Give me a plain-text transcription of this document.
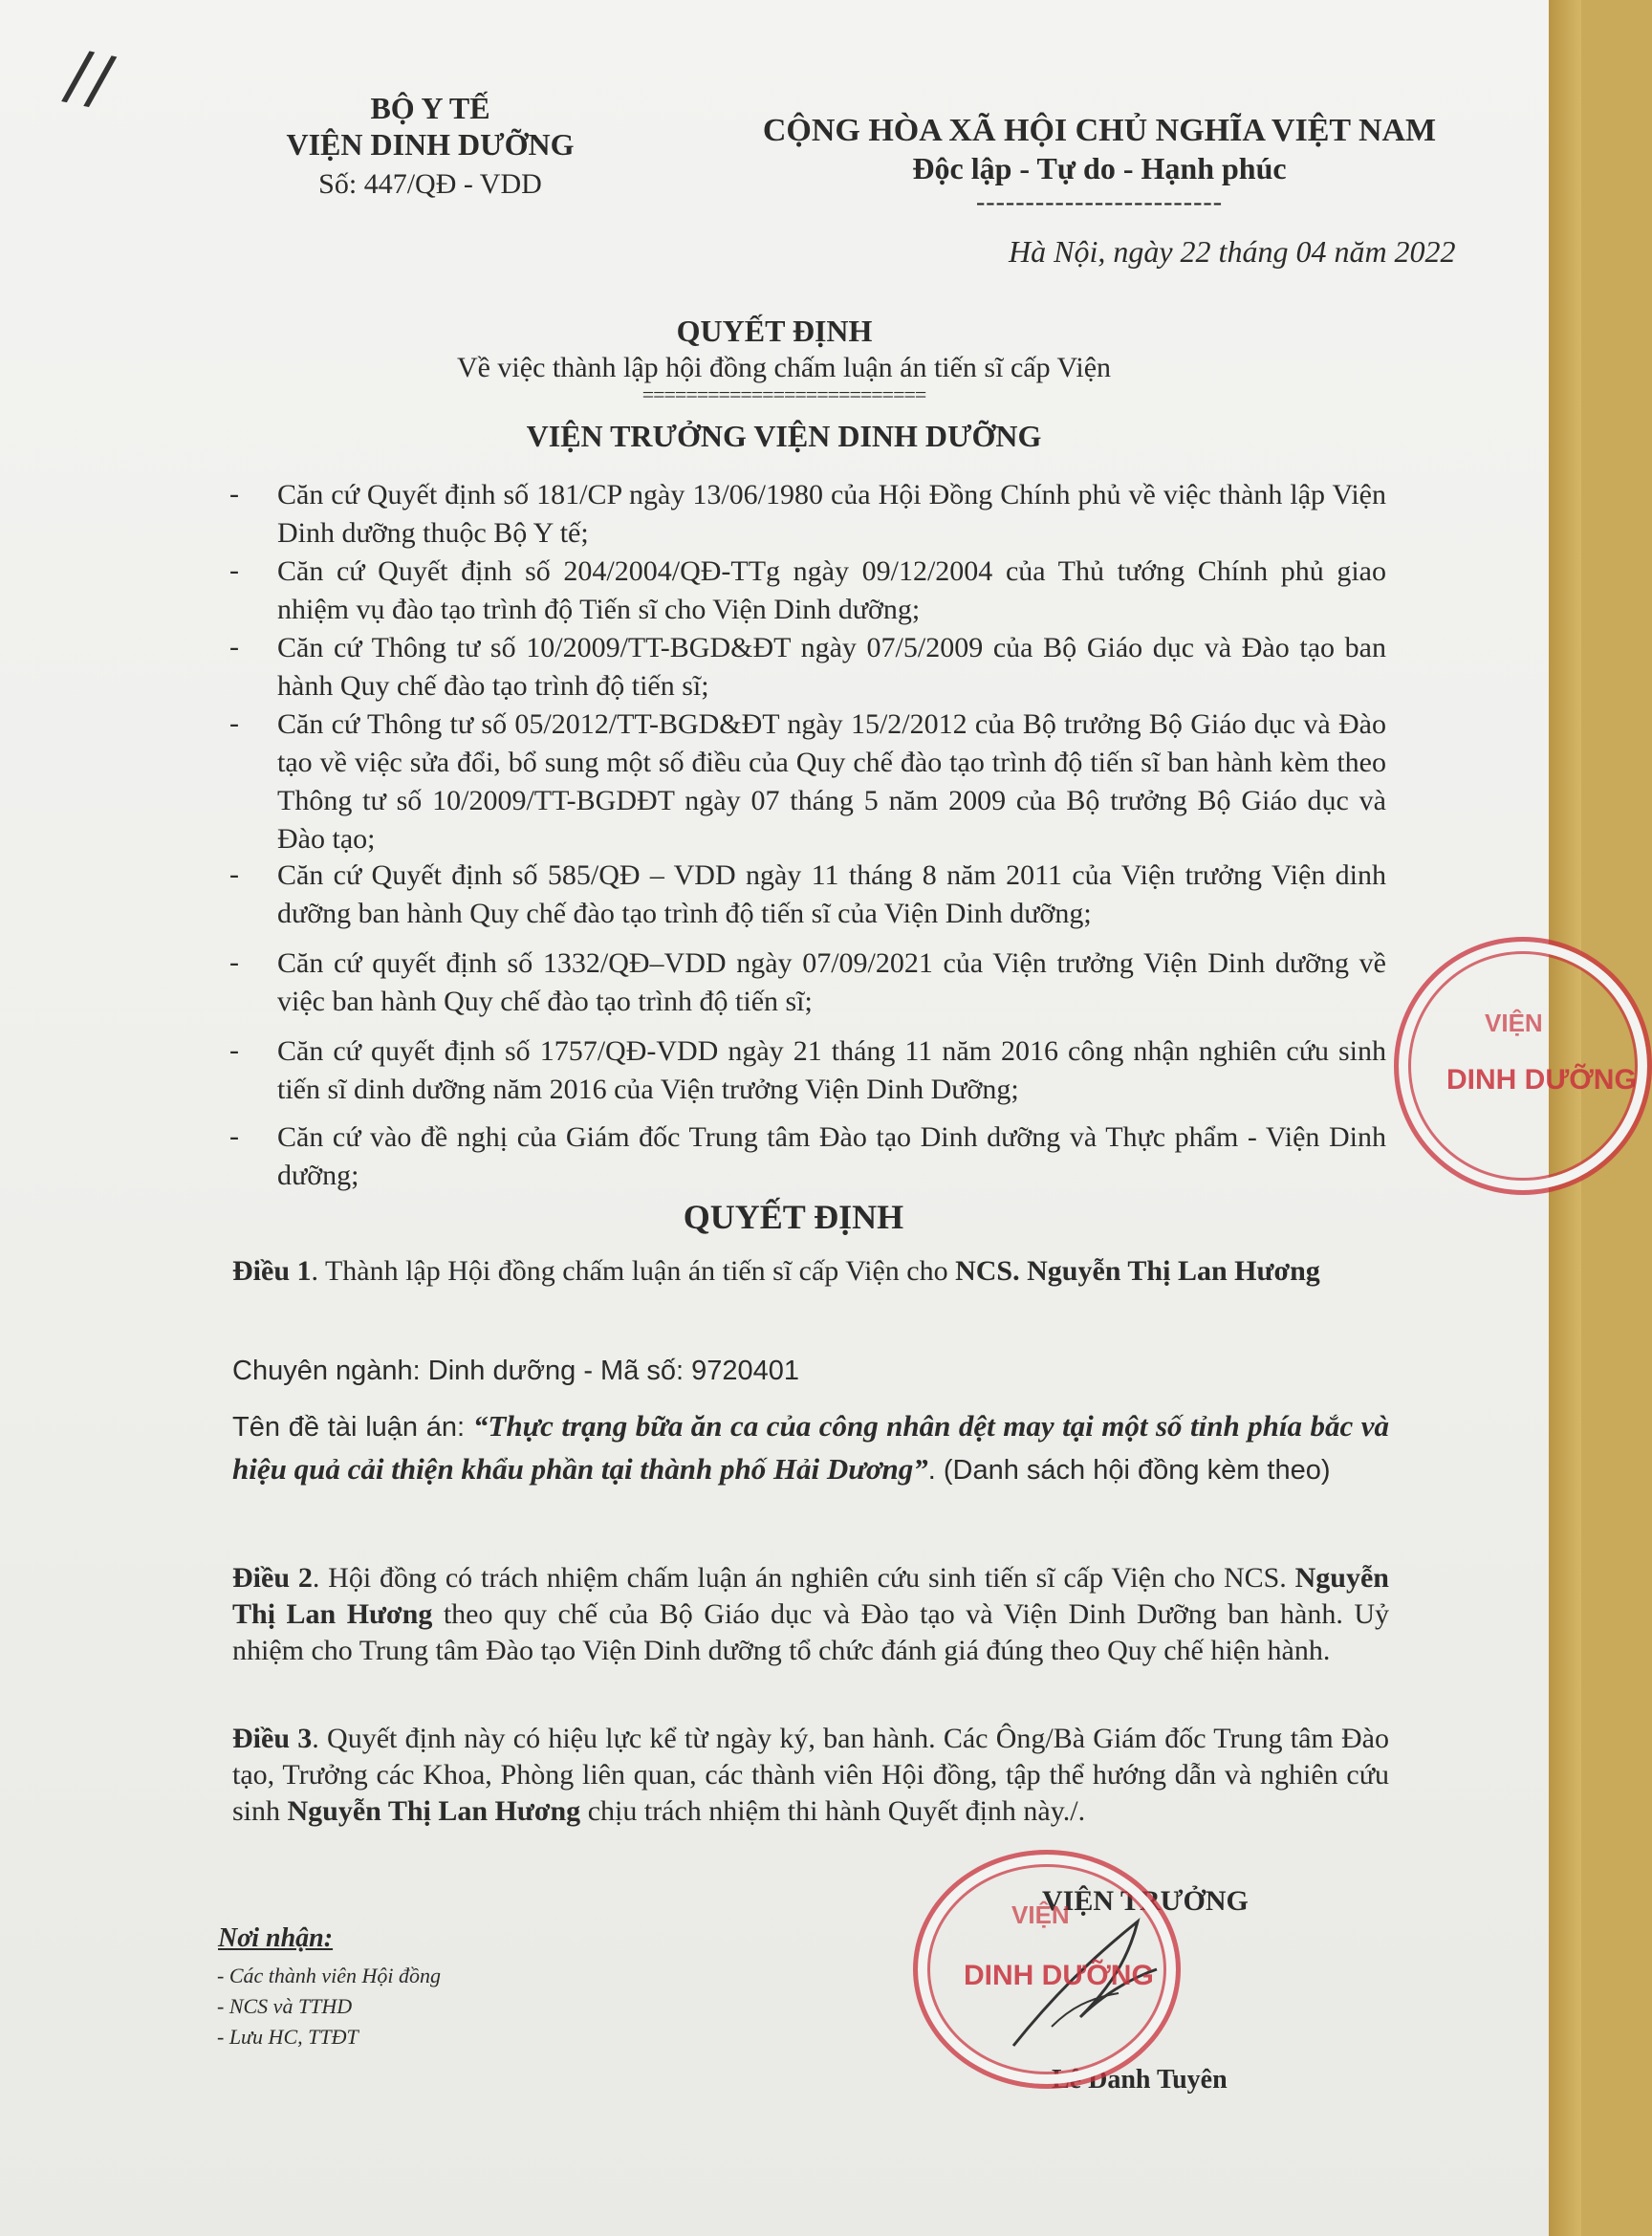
//	BỘ Y TẾ
VIỆN DINH DƯỠNG
Số: 447/QĐ - VDD
CỘNG HÒA XÃ HỘI CHỦ NGHĨA VIỆT NAM
Độc lập - Tự do - Hạnh phúc
-------------------------
Hà Nội, ngày 22 tháng 04 năm 2022
QUYẾT ĐỊNH
Về việc thành lập hội đồng chấm luận án tiến sĩ cấp Viện
==========================
VIỆN TRƯỞNG VIỆN DINH DƯỠNG
- Căn cứ Quyết định số 181/CP ngày 13/06/1980 của Hội Đồng Chính phủ về việc thành lập Viện Dinh dưỡng thuộc Bộ Y tế;
- Căn cứ Quyết định số 204/2004/QĐ-TTg ngày 09/12/2004 của Thủ tướng Chính phủ giao nhiệm vụ đào tạo trình độ Tiến sĩ cho Viện Dinh dưỡng;
- Căn cứ Thông tư số 10/2009/TT-BGD&ĐT ngày 07/5/2009 của Bộ Giáo dục và Đào tạo ban hành Quy chế đào tạo trình độ tiến sĩ;
- Căn cứ Thông tư số 05/2012/TT-BGD&ĐT ngày 15/2/2012 của Bộ trưởng Bộ Giáo dục và Đào tạo về việc sửa đổi, bổ sung một số điều của Quy chế đào tạo trình độ tiến sĩ ban hành kèm theo Thông tư số 10/2009/TT-BGDĐT ngày 07 tháng 5 năm 2009 của Bộ trưởng Bộ Giáo dục và Đào tạo;
- Căn cứ Quyết định số 585/QĐ – VDD ngày 11 tháng 8 năm 2011 của Viện trưởng Viện dinh dưỡng ban hành Quy chế đào tạo trình độ tiến sĩ của Viện Dinh dưỡng;
- Căn cứ quyết định số 1332/QĐ–VDD ngày 07/09/2021 của Viện trưởng Viện Dinh dưỡng về việc ban hành Quy chế đào tạo trình độ tiến sĩ;
- Căn cứ quyết định số 1757/QĐ-VDD ngày 21 tháng 11 năm 2016 công nhận nghiên cứu sinh tiến sĩ dinh dưỡng năm 2016 của Viện trưởng Viện Dinh Dưỡng;
- Căn cứ vào đề nghị của Giám đốc Trung tâm Đào tạo Dinh dưỡng và Thực phẩm - Viện Dinh dưỡng;
QUYẾT ĐỊNH
Điều 1. Thành lập Hội đồng chấm luận án tiến sĩ cấp Viện cho NCS. Nguyễn Thị Lan Hương
Chuyên ngành: Dinh dưỡng - Mã số: 9720401
Tên đề tài luận án: “Thực trạng bữa ăn ca của công nhân dệt may tại một số tỉnh phía bắc và hiệu quả cải thiện khẩu phần tại thành phố Hải Dương”. (Danh sách hội đồng kèm theo)
Điều 2. Hội đồng có trách nhiệm chấm luận án nghiên cứu sinh tiến sĩ cấp Viện cho NCS. Nguyễn Thị Lan Hương theo quy chế của Bộ Giáo dục và Đào tạo và Viện Dinh Dưỡng ban hành. Uỷ nhiệm cho Trung tâm Đào tạo Viện Dinh dưỡng tổ chức đánh giá đúng theo Quy chế hiện hành.
Điều 3. Quyết định này có hiệu lực kể từ ngày ký, ban hành. Các Ông/Bà Giám đốc Trung tâm Đào tạo, Trưởng các Khoa, Phòng liên quan, các thành viên Hội đồng, tập thể hướng dẫn và nghiên cứu sinh Nguyễn Thị Lan Hương chịu trách nhiệm thi hành Quyết định này./.
Nơi nhận:
- Các thành viên Hội đồng
- NCS và TTHD
- Lưu HC, TTĐT
VIỆN TRƯỞNG
Lê Danh Tuyên
VIỆN
DINH DƯỠNG
VIỆN
DINH DƯỠNG
